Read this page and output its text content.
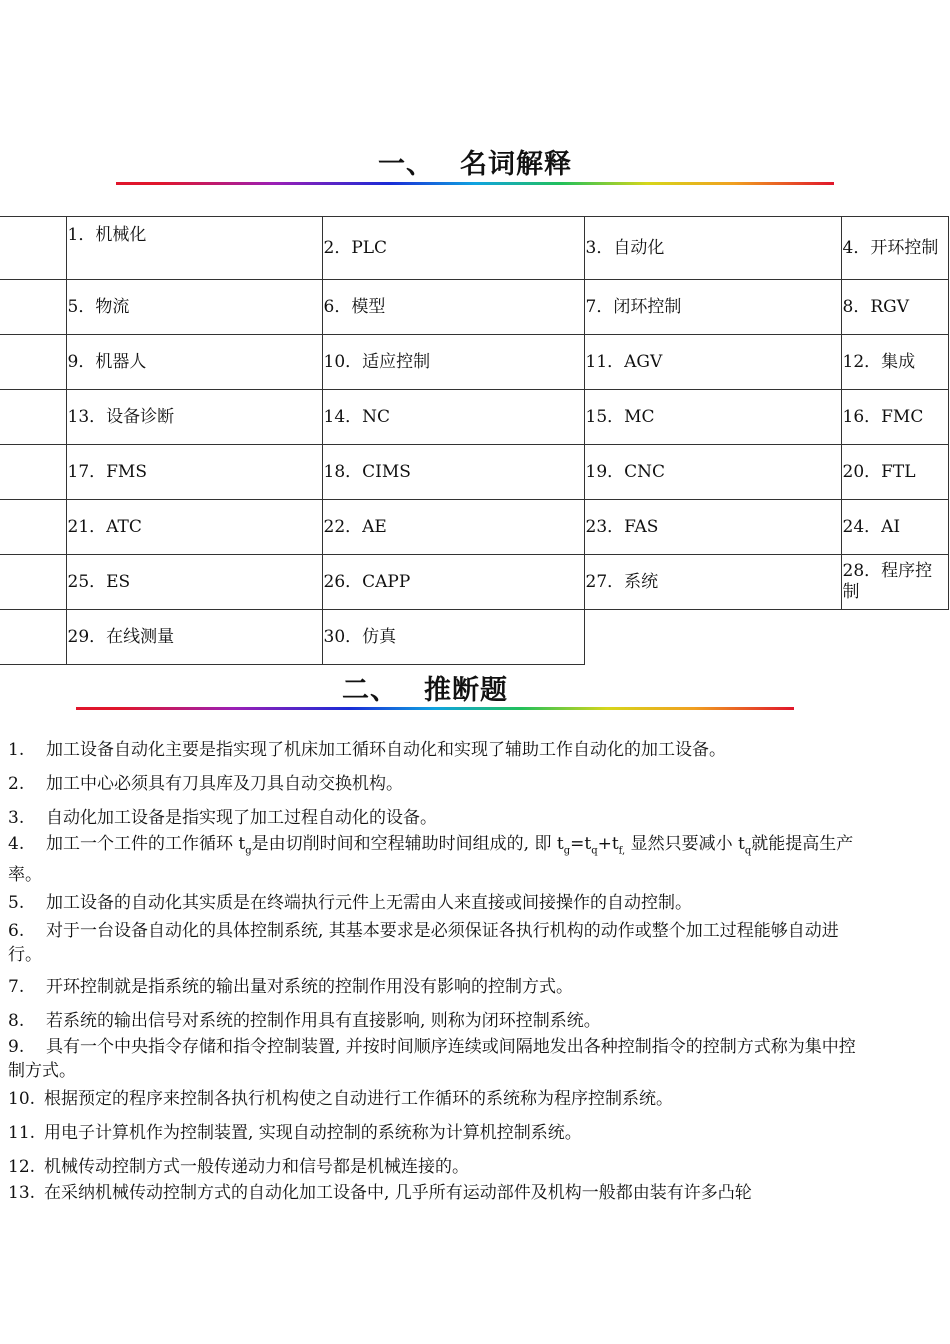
一、 名词解释
	1．机械化	2．PLC	3．自动化	4．开环控制
	5．物流	6．模型	7．闭环控制	8．RGV
	9．机器人	10．适应控制	11．AGV	12．集成
	13．设备诊断	14．NC	15．MC	16．FMC
	17．FMS	18．CIMS	19．CNC	20．FTL
	21．ATC	22．AE	23．FAS	24．AI
	25．ES	26．CAPP	27．系统	28．程序控制
	29．在线测量	30．仿真		
二、 推断题
1. 加工设备自动化主要是指实现了机床加工循环自动化和实现了辅助工作自动化的加工设备。
2. 加工中心必须具有刀具库及刀具自动交换机构。
3. 自动化加工设备是指实现了加工过程自动化的设备。
4. 加工一个工件的工作循环 $t_g$是由切削时间和空程辅助时间组成的, 即 $t_g=t_q+t_{f,}$ 显然只要减小 $t_q$就能提高生产率。
5. 加工设备的自动化其实质是在终端执行元件上无需由人来直接或间接操作的自动控制。
6. 对于一台设备自动化的具体控制系统, 其基本要求是必须保证各执行机构的动作或整个加工过程能够自动进行。
7. 开环控制就是指系统的输出量对系统的控制作用没有影响的控制方式。
8. 若系统的输出信号对系统的控制作用具有直接影响, 则称为闭环控制系统。
9. 具有一个中央指令存储和指令控制装置, 并按时间顺序连续或间隔地发出各种控制指令的控制方式称为集中控制方式。
10. 根据预定的程序来控制各执行机构使之自动进行工作循环的系统称为程序控制系统。
11. 用电子计算机作为控制装置, 实现自动控制的系统称为计算机控制系统。
12. 机械传动控制方式一般传递动力和信号都是机械连接的。
13. 在采纳机械传动控制方式的自动化加工设备中, 几乎所有运动部件及机构一般都由装有许多凸轮
